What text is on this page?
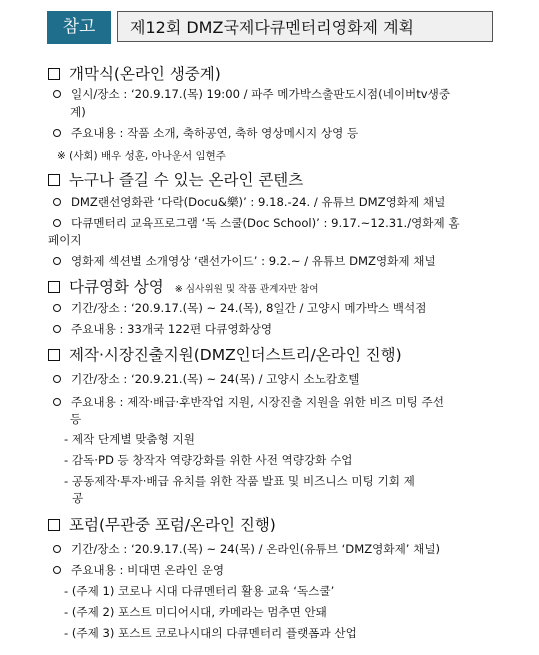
참고	제12회 DMZ국제다큐멘터리영화제 계획
개막식(온라인 생중계)
일시/장소 : ‘20.9.17.(목) 19:00 / 파주 메가박스출판도시점(네이버tv생중
계)
주요내용 : 작품 소개, 축하공연, 축하 영상메시지 상영 등
※ (사회) 배우 성훈, 아나운서 임현주
누구나 즐길 수 있는 온라인 콘텐츠
DMZ랜선영화관 ‘다락(Docu&樂)’ : 9.18.-24. / 유튜브 DMZ영화제 채널
다큐멘터리 교육프로그램 ‘독 스쿨(Doc School)’ : 9.17.~12.31./영화제 홈
페이지
영화제 섹션별 소개영상 ‘랜선가이드’ : 9.2.~ / 유튜브 DMZ영화제 채널
다큐영화 상영 ※ 심사위원 및 작품 관계자만 참여
기간/장소 : ‘20.9.17.(목) ~ 24.(목), 8일간 / 고양시 메가박스 백석점
주요내용 : 33개국 122편 다큐영화상영
제작·시장진출지원(DMZ인더스트리/온라인 진행)
기간/장소 : ‘20.9.21.(목) ~ 24(목) / 고양시 소노캄호텔
주요내용 : 제작·배급·후반작업 지원, 시장진출 지원을 위한 비즈 미팅 주선
등
- 제작 단계별 맞춤형 지원
- 감독·PD 등 창작자 역량강화를 위한 사전 역량강화 수업
- 공동제작·투자·배급 유치를 위한 작품 발표 및 비즈니스 미팅 기회 제
공
포럼(무관중 포럼/온라인 진행)
기간/장소 : ‘20.9.17.(목) ~ 24(목) / 온라인(유튜브 ‘DMZ영화제’ 채널)
주요내용 : 비대면 온라인 운영
- (주제 1) 코로나 시대 다큐멘터리 활용 교육 ‘독스쿨’
- (주제 2) 포스트 미디어시대, 카메라는 멈추면 안돼
- (주제 3) 포스트 코로나시대의 다큐멘터리 플랫폼과 산업
